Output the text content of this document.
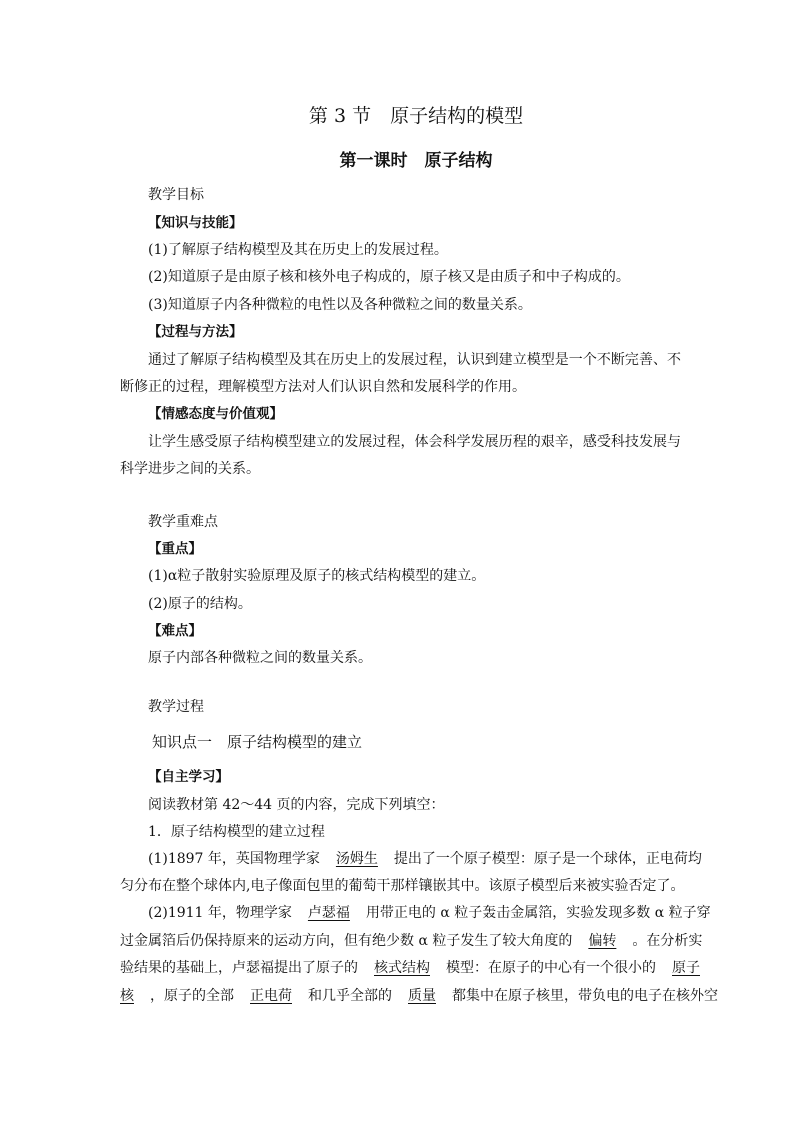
第 3 节　原子结构的模型
第一课时　原子结构
教学目标
【知识与技能】
(1)了解原子结构模型及其在历史上的发展过程。
(2)知道原子是由原子核和核外电子构成的，原子核又是由质子和中子构成的。
(3)知道原子内各种微粒的电性以及各种微粒之间的数量关系。
【过程与方法】
通过了解原子结构模型及其在历史上的发展过程，认识到建立模型是一个不断完善、不
断修正的过程，理解模型方法对人们认识自然和发展科学的作用。
【情感态度与价值观】
让学生感受原子结构模型建立的发展过程，体会科学发展历程的艰辛，感受科技发展与
科学进步之间的关系。
教学重难点
【重点】
(1)α粒子散射实验原理及原子的核式结构模型的建立。
(2)原子的结构。
【难点】
原子内部各种微粒之间的数量关系。
教学过程
知识点一　原子结构模型的建立
【自主学习】
阅读教材第 42～44 页的内容，完成下列填空：
1．原子结构模型的建立过程
(1)1897 年，英国物理学家 汤姆生 提出了一个原子模型：原子是一个球体，正电荷均
匀分布在整个球体内,电子像面包里的葡萄干那样镶嵌其中。该原子模型后来被实验否定了。
(2)1911 年，物理学家 卢瑟福 用带正电的 α 粒子轰击金属箔，实验发现多数 α 粒子穿
过金属箔后仍保持原来的运动方向，但有绝少数 α 粒子发生了较大角度的 偏转 。在分析实
验结果的基础上，卢瑟福提出了原子的 核式结构 模型：在原子的中心有一个很小的 原子
核 ，原子的全部 正电荷 和几乎全部的 质量 都集中在原子核里，带负电的电子在核外空
